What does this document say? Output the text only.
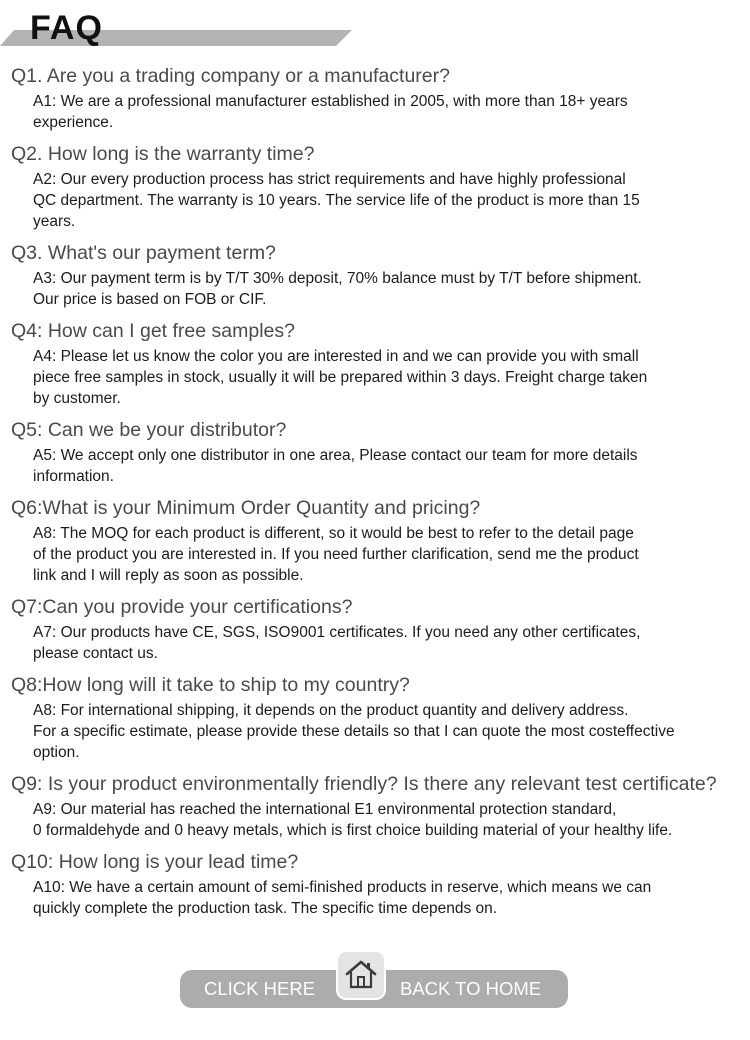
FAQ
Q1. Are you a trading company or a manufacturer?
A1: We are a professional manufacturer established in 2005, with more than 18+ years
experience.
Q2. How long is the warranty time?
A2: Our every production process has strict requirements and have highly professional
QC department. The warranty is 10 years. The service life of the product is more than 15
years.
Q3. What's our payment term?
A3: Our payment term is by T/T 30% deposit, 70% balance must by T/T before shipment.
Our price is based on FOB or CIF.
Q4: How can I get free samples?
A4: Please let us know the color you are interested in and we can provide you with small
piece free samples in stock, usually it will be prepared within 3 days. Freight charge taken
by customer.
Q5: Can we be your distributor?
A5: We accept only one distributor in one area, Please contact our team for more details
information.
Q6:What is your Minimum Order Quantity and pricing?
A8: The MOQ for each product is different, so it would be best to refer to the detail page
of the product you are interested in. If you need further clarification, send me the product
link and I will reply as soon as possible.
Q7:Can you provide your certifications?
A7: Our products have CE, SGS, ISO9001 certificates. If you need any other certificates,
please contact us.
Q8:How long will it take to ship to my country?
A8: For international shipping, it depends on the product quantity and delivery address.
For a specific estimate, please provide these details so that I can quote the most costeffective
option.
Q9: Is your product environmentally friendly? Is there any relevant test certificate?
A9: Our material has reached the international E1 environmental protection standard,
0 formaldehyde and 0 heavy metals, which is first choice building material of your healthy life.
Q10: How long is your lead time?
A10: We have a certain amount of semi-finished products in reserve, which means we can
quickly complete the production task. The specific time depends on.
CLICK HERE	BACK TO HOME
